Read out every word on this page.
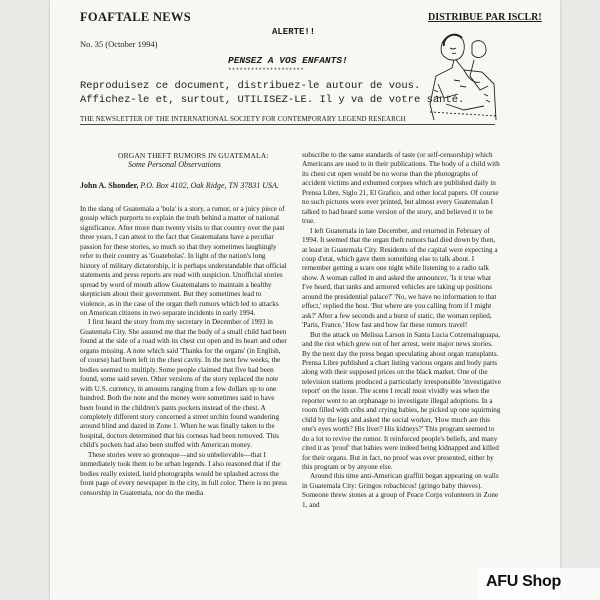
FOAFTALE NEWS
No. 35 (October 1994)
DISTRIBUE PAR ISCLR!
ALERTE!!
PENSEZ A VOS ENFANTS!
********************
Reproduisez ce document, distribuez-le autour de vous.
Affichez-le et, surtout, UTILISEZ-LE. Il y va de votre santé.
THE NEWSLETTER OF THE INTERNATIONAL SOCIETY FOR CONTEMPORARY LEGEND RESEARCH
ORGAN THEFT RUMORS IN GUATEMALA:
Some Personal Observations
John A. Shonder, P.O. Box 4102, Oak Ridge, TN 37831 USA.

In the slang of Guatemala a 'bola' is a story, a rumor, or a juicy piece of gossip which purports to explain the truth behind a matter of national significance. After more than twenty visits to that country over the past three years, I can attest to the fact that Guatemalans have a peculiar passion for these stories, so much so that they sometimes laughingly refer to their country as 'Guatebolas'. In light of the nation's long history of military dictatorship, it is perhaps understandable that official statements and press reports are read with suspicion. Unofficial stories spread by word of mouth allow Guatemalans to maintain a healthy skepticism about their government. But they sometimes lead to violence, as in the case of the organ theft rumors which led to attacks on American citizens in two separate incidents in early 1994.

I first heard the story from my secretary in December of 1993 in Guatemala City. She assured me that the body of a small child had been found at the side of a road with its chest cut open and its heart and other organs missing. A note which said 'Thanks for the organs' (in English, of course) had been left in the chest cavity. In the next few weeks, the bodies seemed to multiply. Some people claimed that five had been found, some said seven. Other versions of the story replaced the note with U.S. currency, in amounts ranging from a few dollars up to one hundred. Both the note and the money were sometimes said to have been found in the children's pants pockets instead of the chest. A completely different story concerned a street urchin found wandering around blind and dazed in Zone 1. When he was finally taken to the hospital, doctors determined that his corneas had been removed. This child's pockets had also been stuffed with American money.

These stories were so grotesque—and so unbelievable—that I immediately took them to be urban legends. I also reasoned that if the bodies really existed, lurid photographs would be splashed across the front page of every newspaper in the city, in full color. There is no press censorship in Guatemala, nor do the media

subscribe to the same standards of taste (or self-censorship) which Americans are used to in their publications. The body of a child with its chest cut open would be no worse than the photographs of accident victims and exhumed corpses which are published daily in Prensa Libre, Siglo 21, El Grafico, and other local papers. Of course no such pictures were ever printed, but almost every Guatemalan I talked to had heard some version of the story, and believed it to be true.

I left Guatemala in late December, and returned in February of 1994. It seemed that the organ theft rumors had died down by then, at least in Guatemala City. Residents of the capital were expecting a coup d'etat, which gave them something else to talk about. I remember getting a scare one night while listening to a radio talk show. A woman called in and asked the announcer, 'Is it true what I've heard, that tanks and armored vehicles are taking up positions around the presidential palace?' 'No, we have no information to that effect,' replied the host. 'But where are you calling from if I might ask?' After a few seconds and a burst of static, the woman replied, 'Paris, France.' How fast and how far these rumors travel!

But the attack on Melissa Larson in Santa Lucia Cotzemaluguapa, and the riot which grew out of her arrest, were major news stories. By the next day the press began speculating about organ transplants. Prensa Libre published a chart listing various organs and body parts along with their supposed prices on the black market. One of the television stations produced a particularly irresponsible 'investigative report' on the issue. The scene I recall most vividly was when the reporter went to an orphanage to investigate illegal adoptions. In a room filled with cribs and crying babies, he picked up one squirming child by the legs and asked the social worker, 'How much are this one's eyes worth? His liver? His kidneys?' This program seemed to do a lot to revive the rumor. It reinforced people's beliefs, and many cited it as 'proof' that babies were indeed being kidnapped and killed for their organs. But in fact, no proof was ever presented, either by this program or by anyone else.

Around this time anti-American graffiti began appearing on walls in Guatemala City: Gringos robachicos! (gringo baby thieves). Someone threw stones at a group of Peace Corps volunteers in Zone 1, and

AFU Shop
